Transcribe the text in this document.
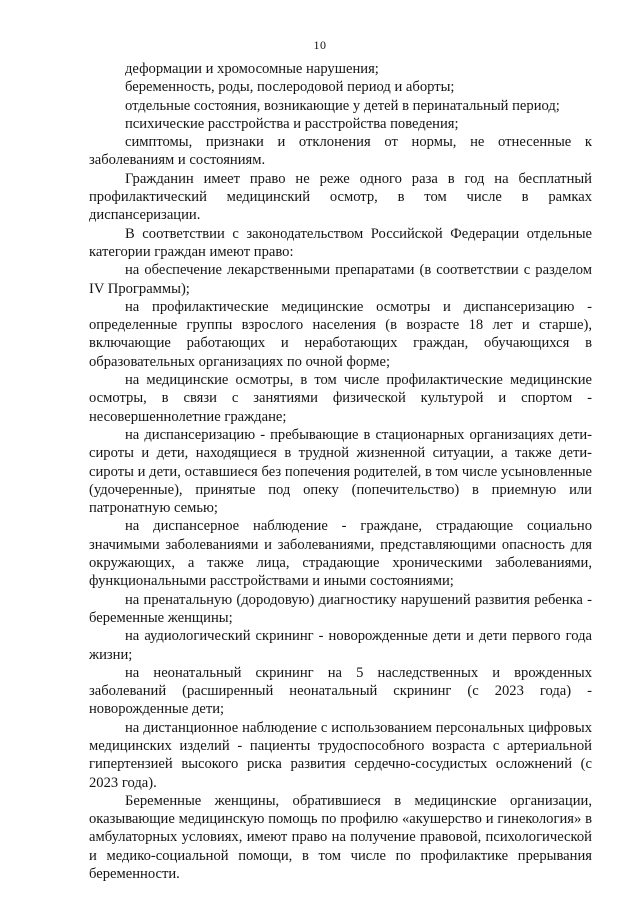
10

деформации и хромосомные нарушения;

беременность, роды, послеродовой период и аборты;

отдельные состояния, возникающие у детей в перинатальный период;

психические расстройства и расстройства поведения;

симптомы, признаки и отклонения от нормы, не отнесенные к заболеваниям и состояниям.

Гражданин имеет право не реже одного раза в год на бесплатный профилактический медицинский осмотр, в том числе в рамках диспансеризации.

В соответствии с законодательством Российской Федерации отдельные категории граждан имеют право:

на обеспечение лекарственными препаратами (в соответствии с разделом IV Программы);

на профилактические медицинские осмотры и диспансеризацию - определенные группы взрослого населения (в возрасте 18 лет и старше), включающие работающих и неработающих граждан, обучающихся в образовательных организациях по очной форме;

на медицинские осмотры, в том числе профилактические медицинские осмотры, в связи с занятиями физической культурой и спортом - несовершеннолетние граждане;

на диспансеризацию - пребывающие в стационарных организациях дети-сироты и дети, находящиеся в трудной жизненной ситуации, а также дети-сироты и дети, оставшиеся без попечения родителей, в том числе усыновленные (удочеренные), принятые под опеку (попечительство) в приемную или патронатную семью;

на диспансерное наблюдение - граждане, страдающие социально значимыми заболеваниями и заболеваниями, представляющими опасность для окружающих, а также лица, страдающие хроническими заболеваниями, функциональными расстройствами и иными состояниями;

на пренатальную (дородовую) диагностику нарушений развития ребенка - беременные женщины;

на аудиологический скрининг - новорожденные дети и дети первого года жизни;

на неонатальный скрининг на 5 наследственных и врожденных заболеваний (расширенный неонатальный скрининг (с 2023 года) - новорожденные дети;

на дистанционное наблюдение с использованием персональных цифровых медицинских изделий - пациенты трудоспособного возраста с артериальной гипертензией высокого риска развития сердечно-сосудистых осложнений (с 2023 года).

Беременные женщины, обратившиеся в медицинские организации, оказывающие медицинскую помощь по профилю «акушерство и гинекология» в амбулаторных условиях, имеют право на получение правовой, психологической и медико-социальной помощи, в том числе по профилактике прерывания беременности.
